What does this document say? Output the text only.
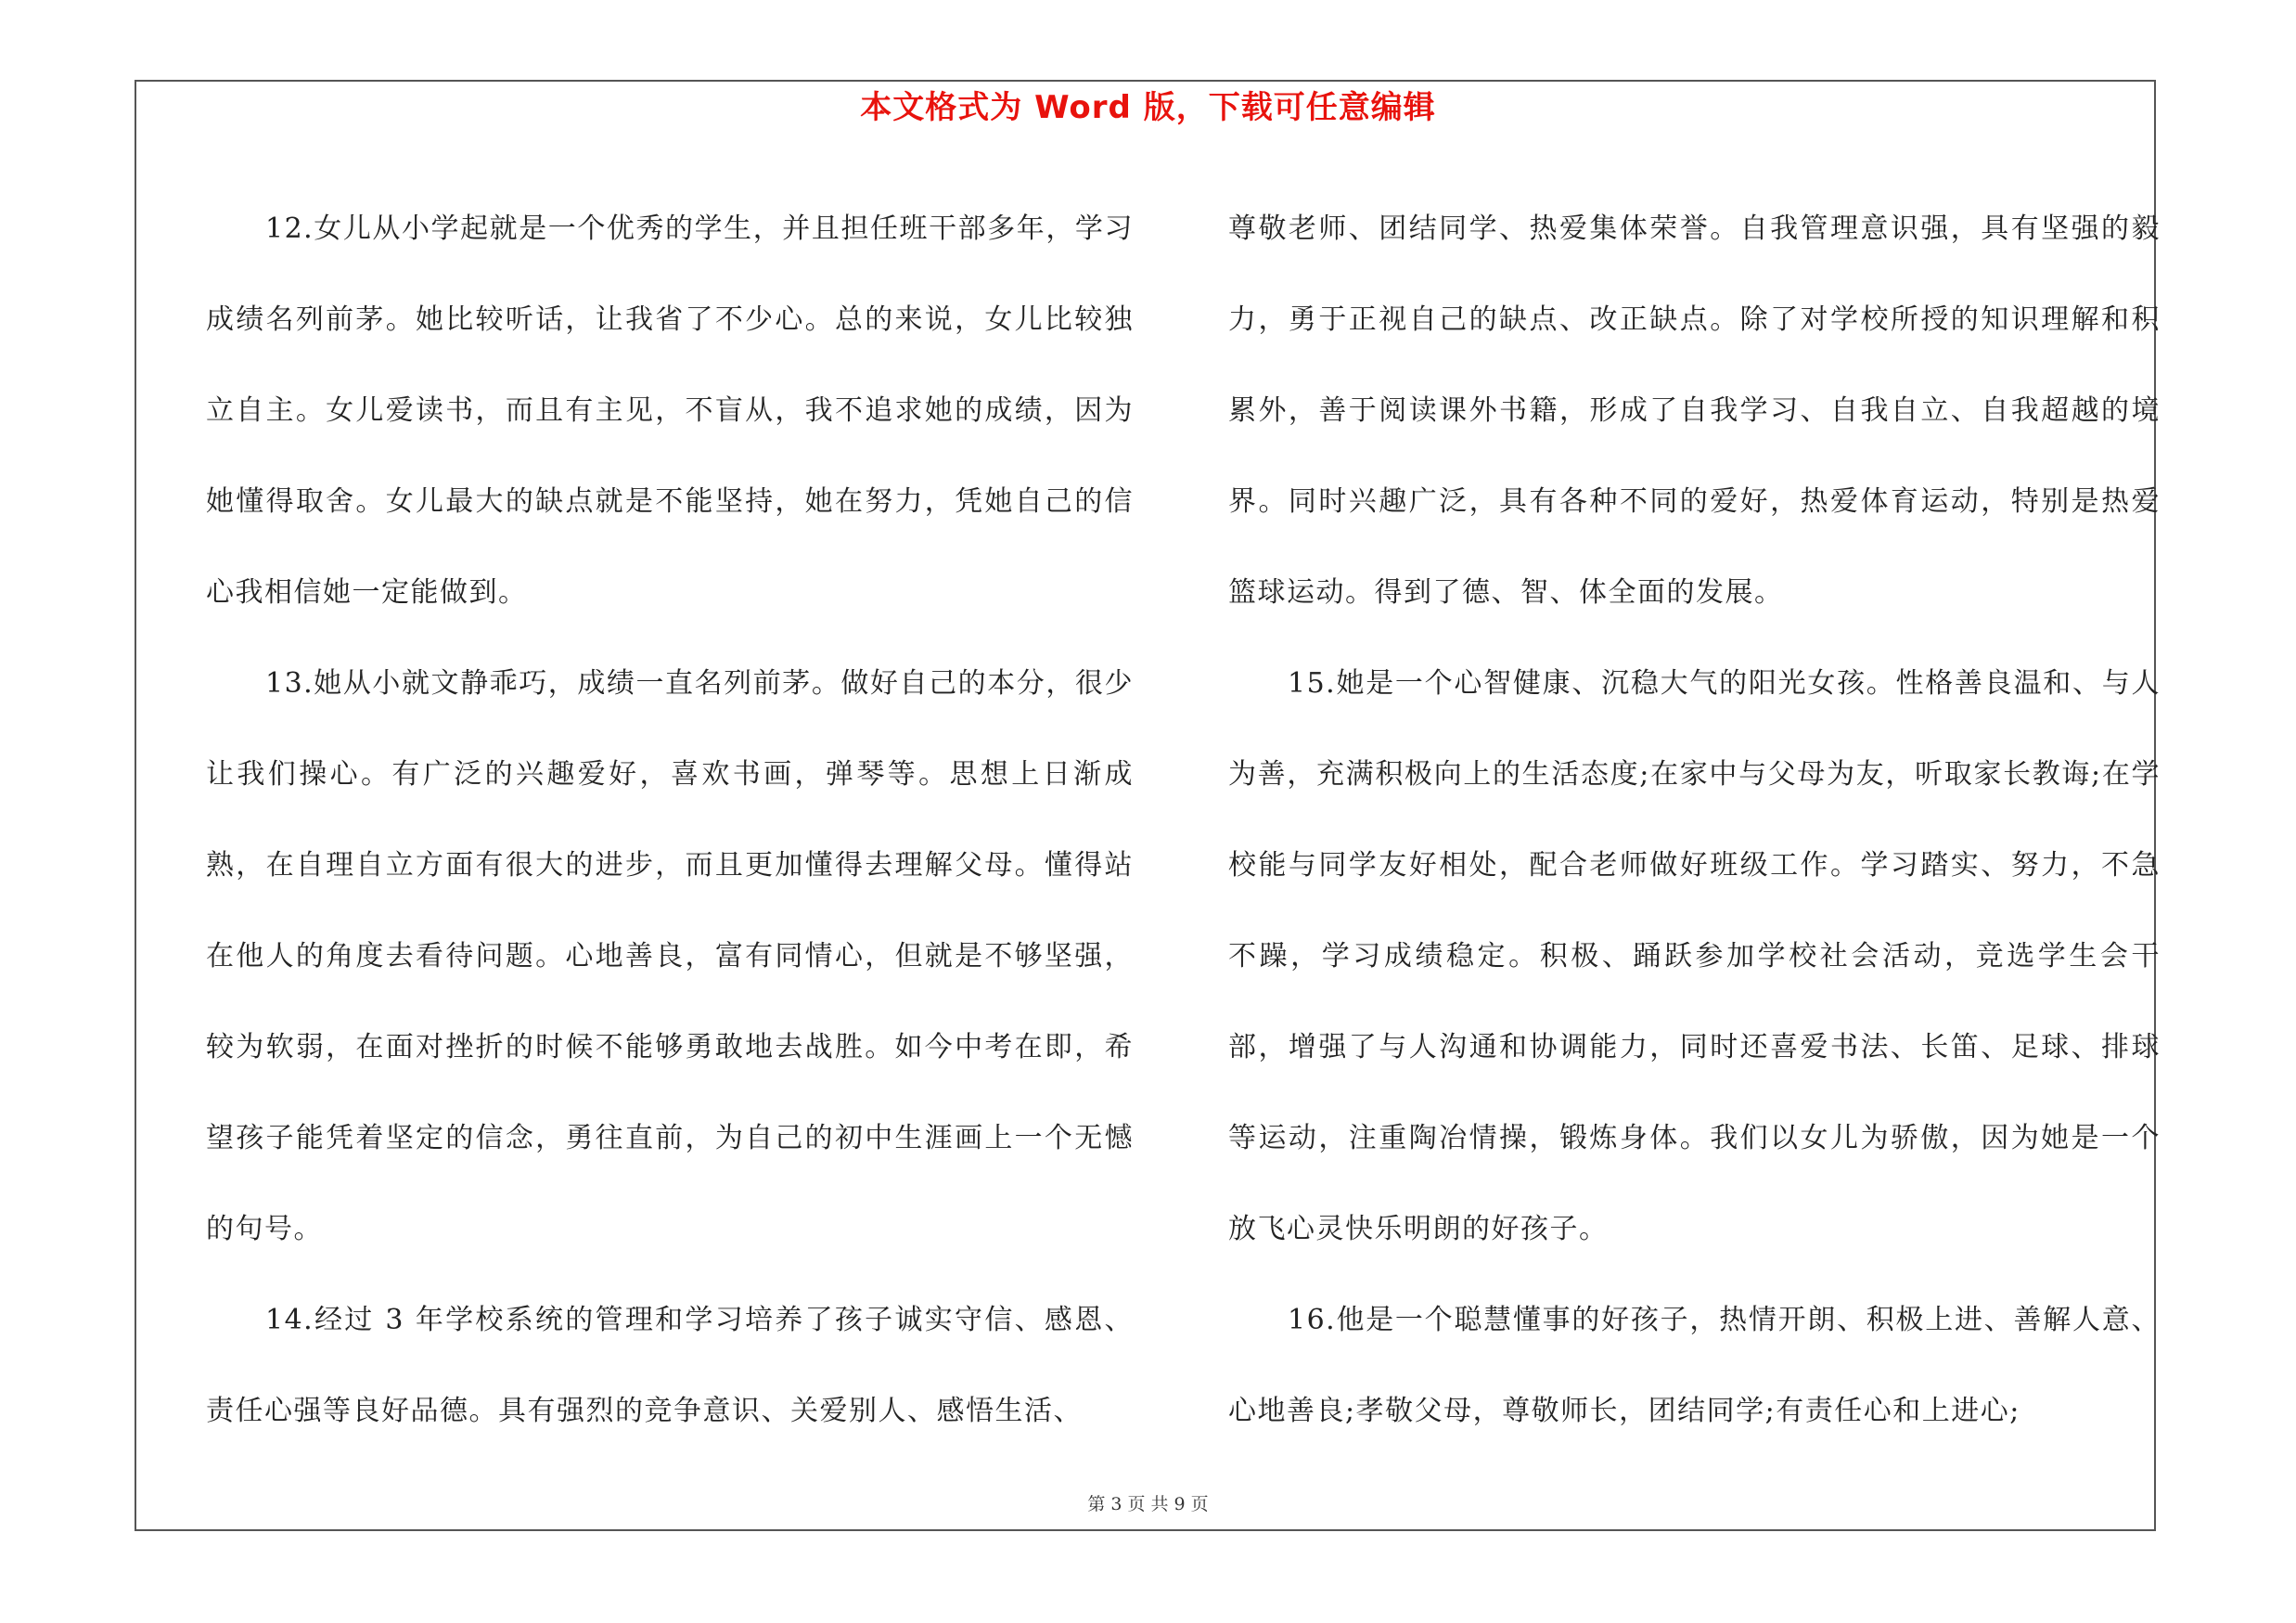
本文格式为 Word 版，下载可任意编辑

12.女儿从小学起就是一个优秀的学生，并且担任班干部多年，学习成绩名列前茅。她比较听话，让我省了不少心。总的来说，女儿比较独立自主。女儿爱读书，而且有主见，不盲从，我不追求她的成绩，因为她懂得取舍。女儿最大的缺点就是不能坚持，她在努力，凭她自己的信心我相信她一定能做到。

13.她从小就文静乖巧，成绩一直名列前茅。做好自己的本分，很少让我们操心。有广泛的兴趣爱好，喜欢书画，弹琴等。思想上日渐成熟，在自理自立方面有很大的进步，而且更加懂得去理解父母。懂得站在他人的角度去看待问题。心地善良，富有同情心，但就是不够坚强，较为软弱，在面对挫折的时候不能够勇敢地去战胜。如今中考在即，希望孩子能凭着坚定的信念，勇往直前，为自己的初中生涯画上一个无憾的句号。

14.经过 3 年学校系统的管理和学习培养了孩子诚实守信、感恩、责任心强等良好品德。具有强烈的竞争意识、关爱别人、感悟生活、

尊敬老师、团结同学、热爱集体荣誉。自我管理意识强，具有坚强的毅力，勇于正视自己的缺点、改正缺点。除了对学校所授的知识理解和积累外，善于阅读课外书籍，形成了自我学习、自我自立、自我超越的境界。同时兴趣广泛，具有各种不同的爱好，热爱体育运动，特别是热爱篮球运动。得到了德、智、体全面的发展。

15.她是一个心智健康、沉稳大气的阳光女孩。性格善良温和、与人为善，充满积极向上的生活态度;在家中与父母为友，听取家长教诲;在学校能与同学友好相处，配合老师做好班级工作。学习踏实、努力，不急不躁，学习成绩稳定。积极、踊跃参加学校社会活动，竞选学生会干部，增强了与人沟通和协调能力，同时还喜爱书法、长笛、足球、排球等运动，注重陶冶情操，锻炼身体。我们以女儿为骄傲，因为她是一个放飞心灵快乐明朗的好孩子。

16.他是一个聪慧懂事的好孩子，热情开朗、积极上进、善解人意、心地善良;孝敬父母，尊敬师长，团结同学;有责任心和上进心;

第 3 页 共 9 页
